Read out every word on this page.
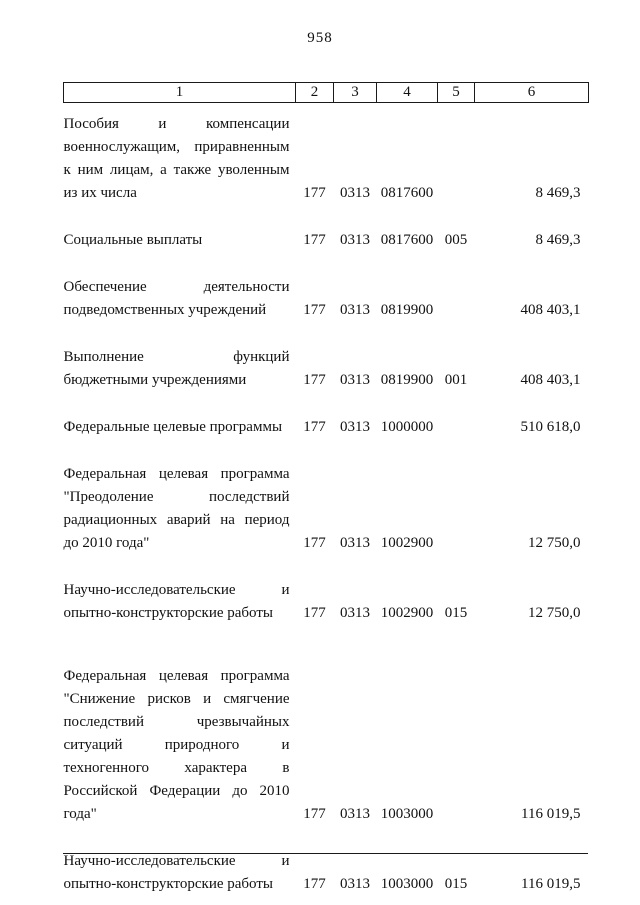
958
1	2	3	4	5	6
Пособия и компенсации военнослужащим, приравненным к ним лицам, а также уволенным из их числа	177	0313	0817600		8 469,3
Социальные выплаты	177	0313	0817600	005	8 469,3
Обеспечение деятельности подведомственных учреждений	177	0313	0819900		408 403,1
Выполнение функций бюджетными учреждениями	177	0313	0819900	001	408 403,1
Федеральные целевые программы	177	0313	1000000		510 618,0
Федеральная целевая программа "Преодоление последствий радиационных аварий на период до 2010 года"	177	0313	1002900		12 750,0
Научно-исследовательские и опытно-конструкторские работы	177	0313	1002900	015	12 750,0
Федеральная целевая программа "Снижение рисков и смягчение последствий чрезвычайных ситуаций природного и техногенного характера в Российской Федерации до 2010 года"	177	0313	1003000		116 019,5
Научно-исследовательские и опытно-конструкторские работы	177	0313	1003000	015	116 019,5
